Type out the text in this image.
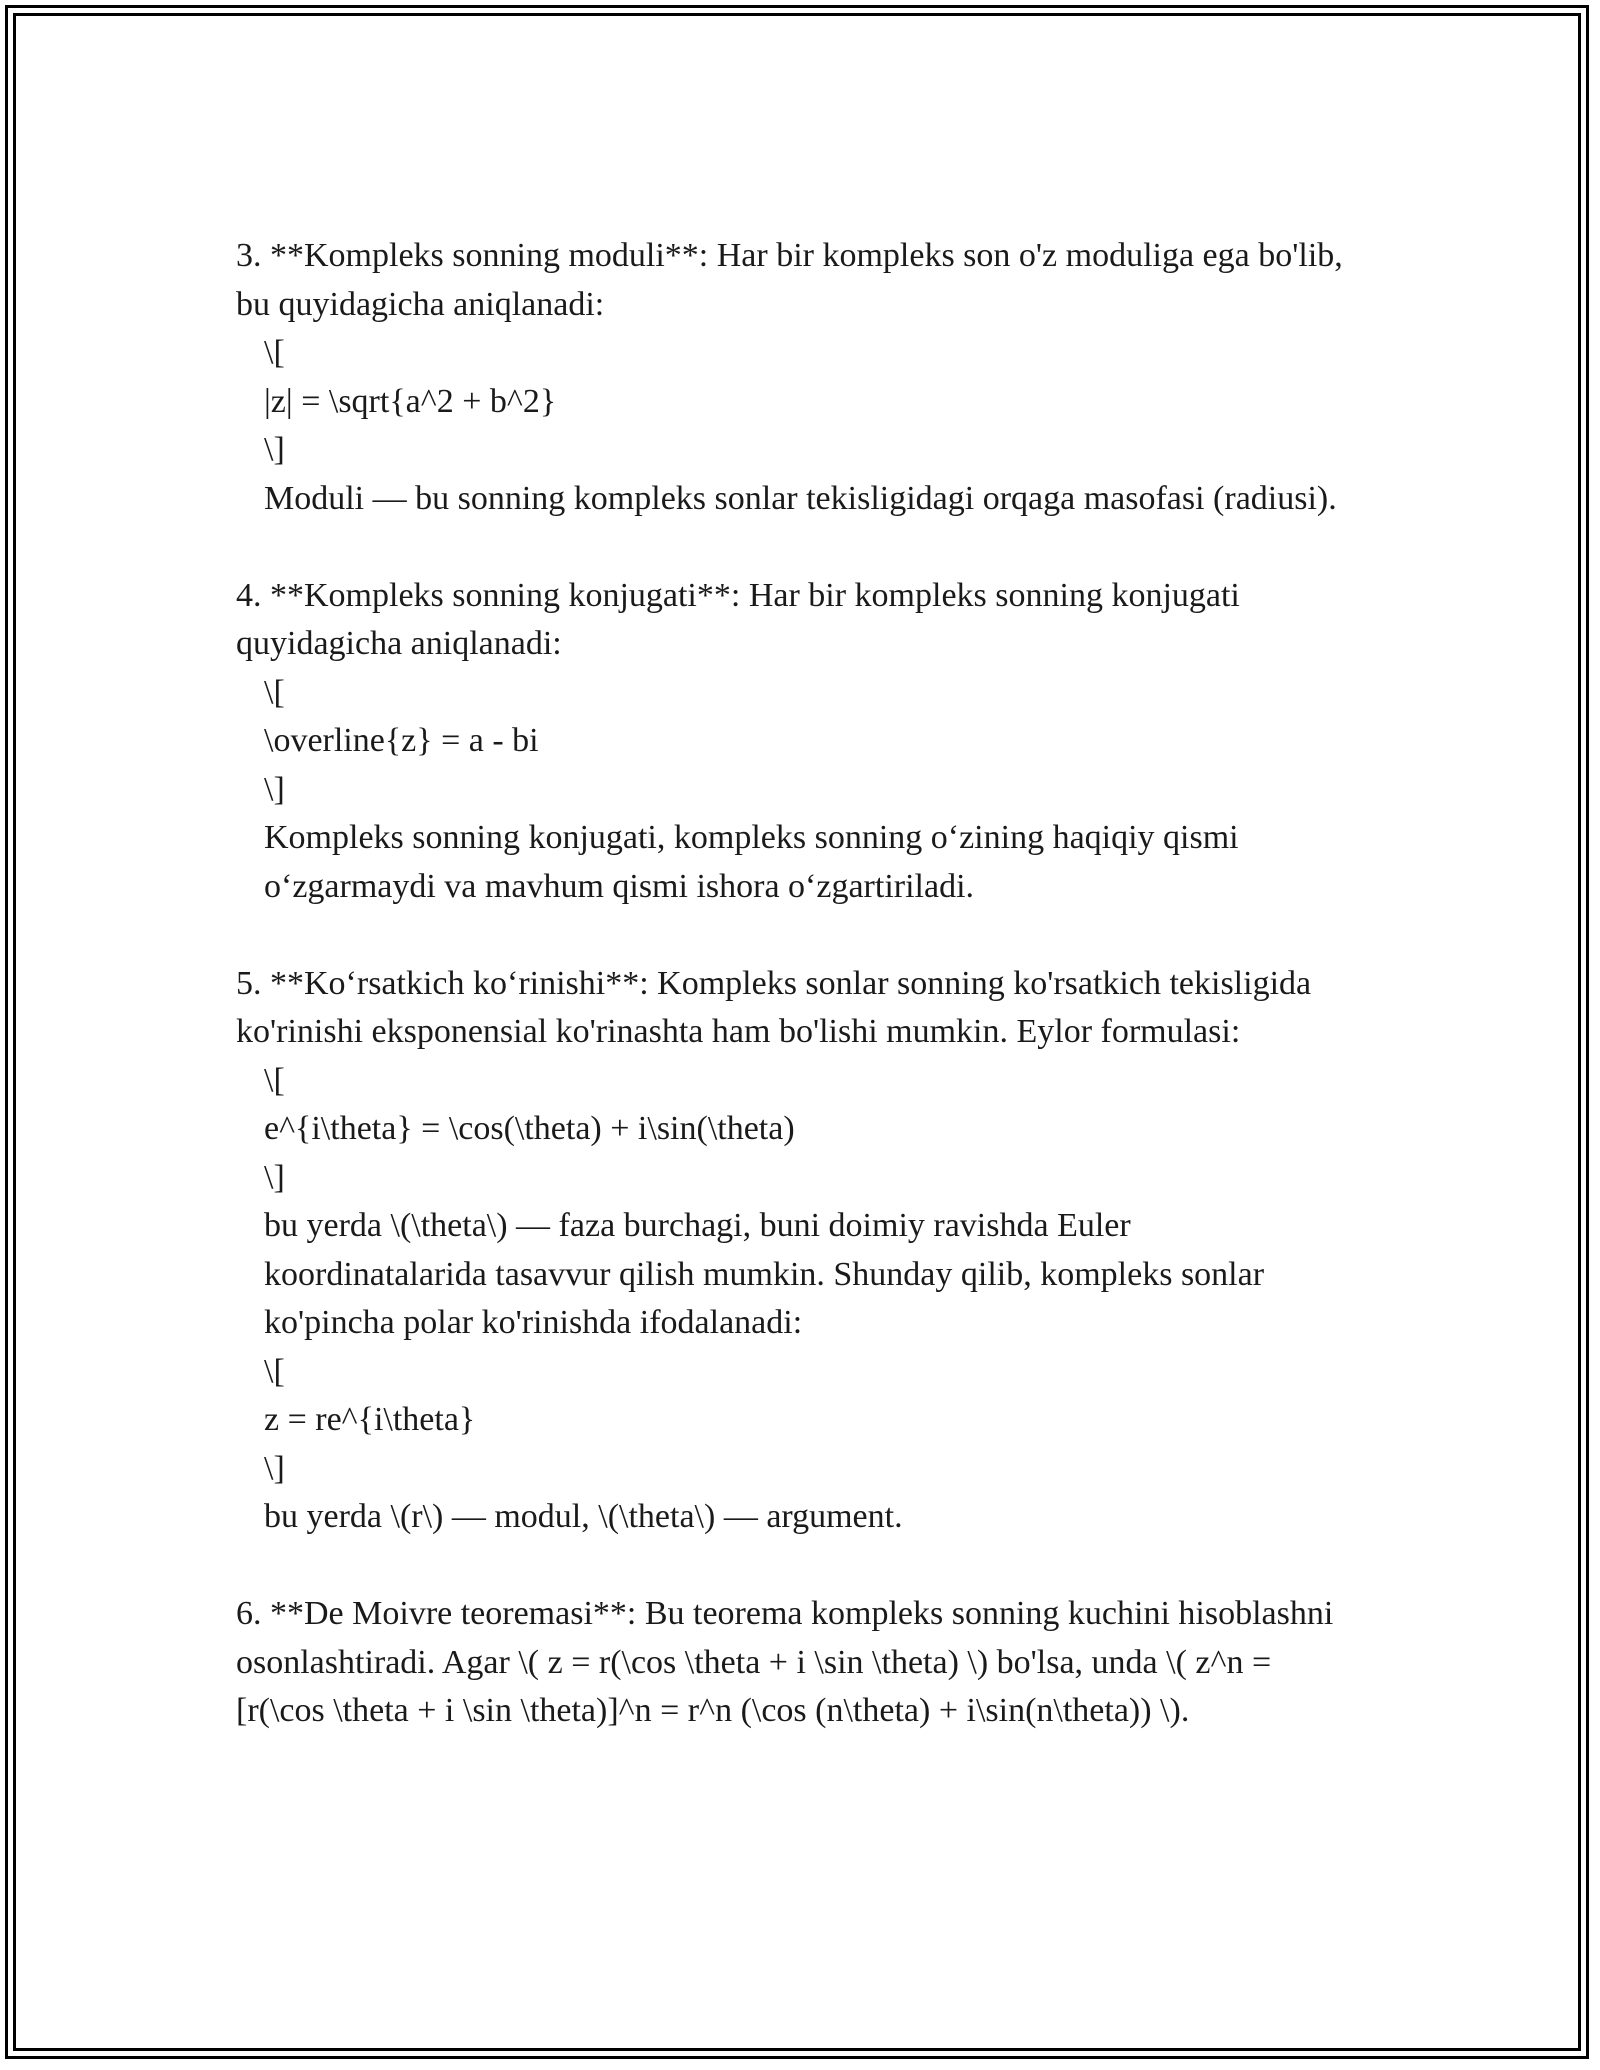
3. **Kompleks sonning moduli**: Har bir kompleks son o'z moduliga ega bo'lib, bu quyidagicha aniqlanadi:

\[

|z| = \sqrt{a^2 + b^2}

\]

Moduli — bu sonning kompleks sonlar tekisligidagi orqaga masofasi (radiusi).

4. **Kompleks sonning konjugati**: Har bir kompleks sonning konjugati quyidagicha aniqlanadi:

\[

\overline{z} = a - bi

\]

Kompleks sonning konjugati, kompleks sonning o‘zining haqiqiy qismi o‘zgarmaydi va mavhum qismi ishora o‘zgartiriladi.

5. **Ko‘rsatkich ko‘rinishi**: Kompleks sonlar sonning ko'rsatkich tekisligida ko'rinishi eksponensial ko'rinashta ham bo'lishi mumkin. Eylor formulasi:

\[

e^{i\theta} = \cos(\theta) + i\sin(\theta)

\]

bu yerda \(\theta\) — faza burchagi, buni doimiy ravishda Euler koordinatalarida tasavvur qilish mumkin. Shunday qilib, kompleks sonlar ko'pincha polar ko'rinishda ifodalanadi:

\[

z = re^{i\theta}

\]

bu yerda \(r\) — modul, \(\theta\) — argument.

6. **De Moivre teoremasi**: Bu teorema kompleks sonning kuchini hisoblashni osonlashtiradi. Agar \( z = r(\cos \theta + i \sin \theta) \) bo'lsa, unda \( z^n = [r(\cos \theta + i \sin \theta)]^n = r^n (\cos (n\theta) + i\sin(n\theta)) \).
